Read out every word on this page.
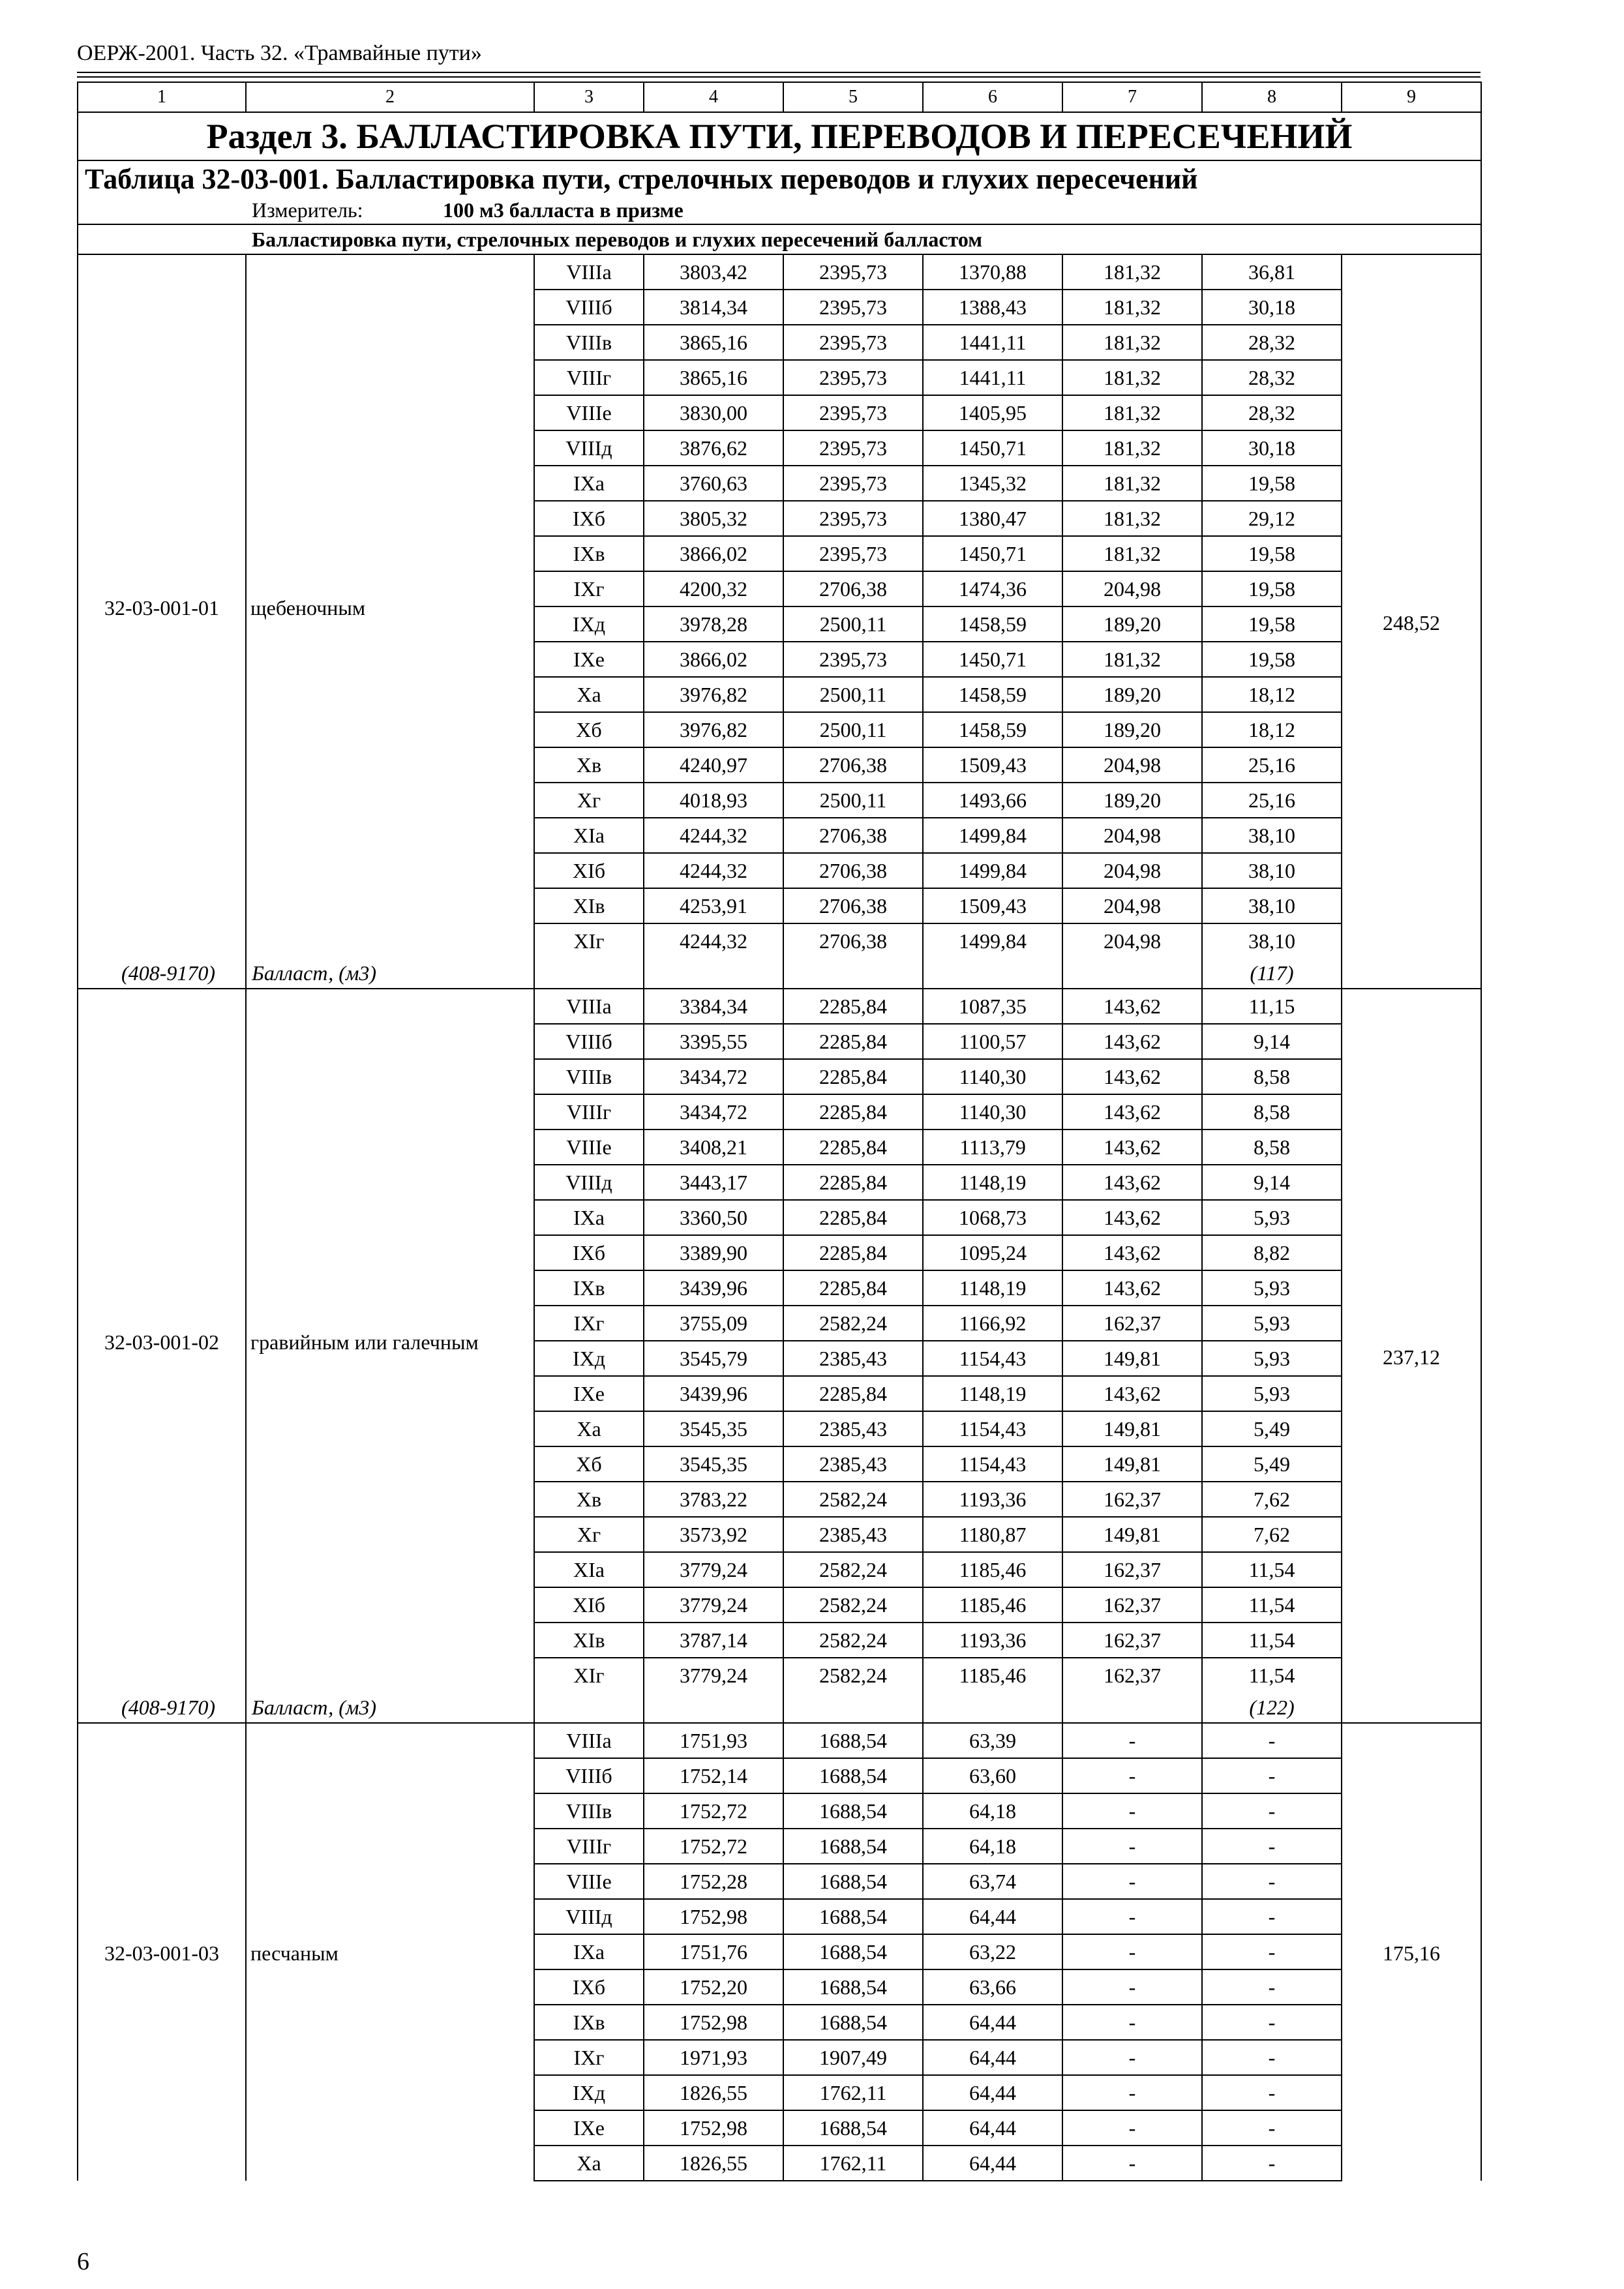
ОЕРЖ-2001. Часть 32. «Трамвайные пути»
1	2	3	4	5	6	7	8	9
Раздел 3. БАЛЛАСТИРОВКА ПУТИ, ПЕРЕВОДОВ И ПЕРЕСЕЧЕНИЙ								
Таблица 32-03-001. Балластировка пути, стрелочных переводов и глухих пересечений								
Измеритель: 100 м3 балласта в призме								
Балластировка пути, стрелочных переводов и глухих пересечений балластом								

32-03-001-01	щебеночным	VIIIа	3803,42	2395,73	1370,88	181,32	36,81	248,52

		VIIIб	3814,34	2395,73	1388,43	181,32	30,18	
		VIIIв	3865,16	2395,73	1441,11	181,32	28,32	
		VIIIг	3865,16	2395,73	1441,11	181,32	28,32	
		VIIIе	3830,00	2395,73	1405,95	181,32	28,32	
		VIIIд	3876,62	2395,73	1450,71	181,32	30,18	
		IХа	3760,63	2395,73	1345,32	181,32	19,58	
		IХб	3805,32	2395,73	1380,47	181,32	29,12	
		IХв	3866,02	2395,73	1450,71	181,32	19,58	
		IХг	4200,32	2706,38	1474,36	204,98	19,58	
		IХд	3978,28	2500,11	1458,59	189,20	19,58	
		IХе	3866,02	2395,73	1450,71	181,32	19,58	
		Ха	3976,82	2500,11	1458,59	189,20	18,12	
		Хб	3976,82	2500,11	1458,59	189,20	18,12	
		Хв	4240,97	2706,38	1509,43	204,98	25,16	
		Хг	4018,93	2500,11	1493,66	189,20	25,16	
		ХIа	4244,32	2706,38	1499,84	204,98	38,10	
		ХIб	4244,32	2706,38	1499,84	204,98	38,10	
		ХIв	4253,91	2706,38	1509,43	204,98	38,10	
		ХIг	4244,32	2706,38	1499,84	204,98	38,10	
(408-9170)	Балласт, (м3)						(117)	

32-03-001-02	гравийным или галечным	VIIIа	3384,34	2285,84	1087,35	143,62	11,15	237,12

		VIIIб	3395,55	2285,84	1100,57	143,62	9,14	
		VIIIв	3434,72	2285,84	1140,30	143,62	8,58	
		VIIIг	3434,72	2285,84	1140,30	143,62	8,58	
		VIIIе	3408,21	2285,84	1113,79	143,62	8,58	
		VIIIд	3443,17	2285,84	1148,19	143,62	9,14	
		IХа	3360,50	2285,84	1068,73	143,62	5,93	
		IХб	3389,90	2285,84	1095,24	143,62	8,82	
		IХв	3439,96	2285,84	1148,19	143,62	5,93	
		IХг	3755,09	2582,24	1166,92	162,37	5,93	
		IХд	3545,79	2385,43	1154,43	149,81	5,93	
		IХе	3439,96	2285,84	1148,19	143,62	5,93	
		Ха	3545,35	2385,43	1154,43	149,81	5,49	
		Хб	3545,35	2385,43	1154,43	149,81	5,49	
		Хв	3783,22	2582,24	1193,36	162,37	7,62	
		Хг	3573,92	2385,43	1180,87	149,81	7,62	
		ХIа	3779,24	2582,24	1185,46	162,37	11,54	
		ХIб	3779,24	2582,24	1185,46	162,37	11,54	
		ХIв	3787,14	2582,24	1193,36	162,37	11,54	
		ХIг	3779,24	2582,24	1185,46	162,37	11,54	
(408-9170)	Балласт, (м3)						(122)	

32-03-001-03	песчаным	VIIIа	1751,93	1688,54	63,39	-	-	175,16

		VIIIб	1752,14	1688,54	63,60	-	-	
		VIIIв	1752,72	1688,54	64,18	-	-	
		VIIIг	1752,72	1688,54	64,18	-	-	
		VIIIе	1752,28	1688,54	63,74	-	-	
		VIIIд	1752,98	1688,54	64,44	-	-	
		IХа	1751,76	1688,54	63,22	-	-	
		IХб	1752,20	1688,54	63,66	-	-	
		IХв	1752,98	1688,54	64,44	-	-	
		IХг	1971,93	1907,49	64,44	-	-	
		IХд	1826,55	1762,11	64,44	-	-	
		IХе	1752,98	1688,54	64,44	-	-	
		Ха	1826,55	1762,11	64,44	-	-	
6
